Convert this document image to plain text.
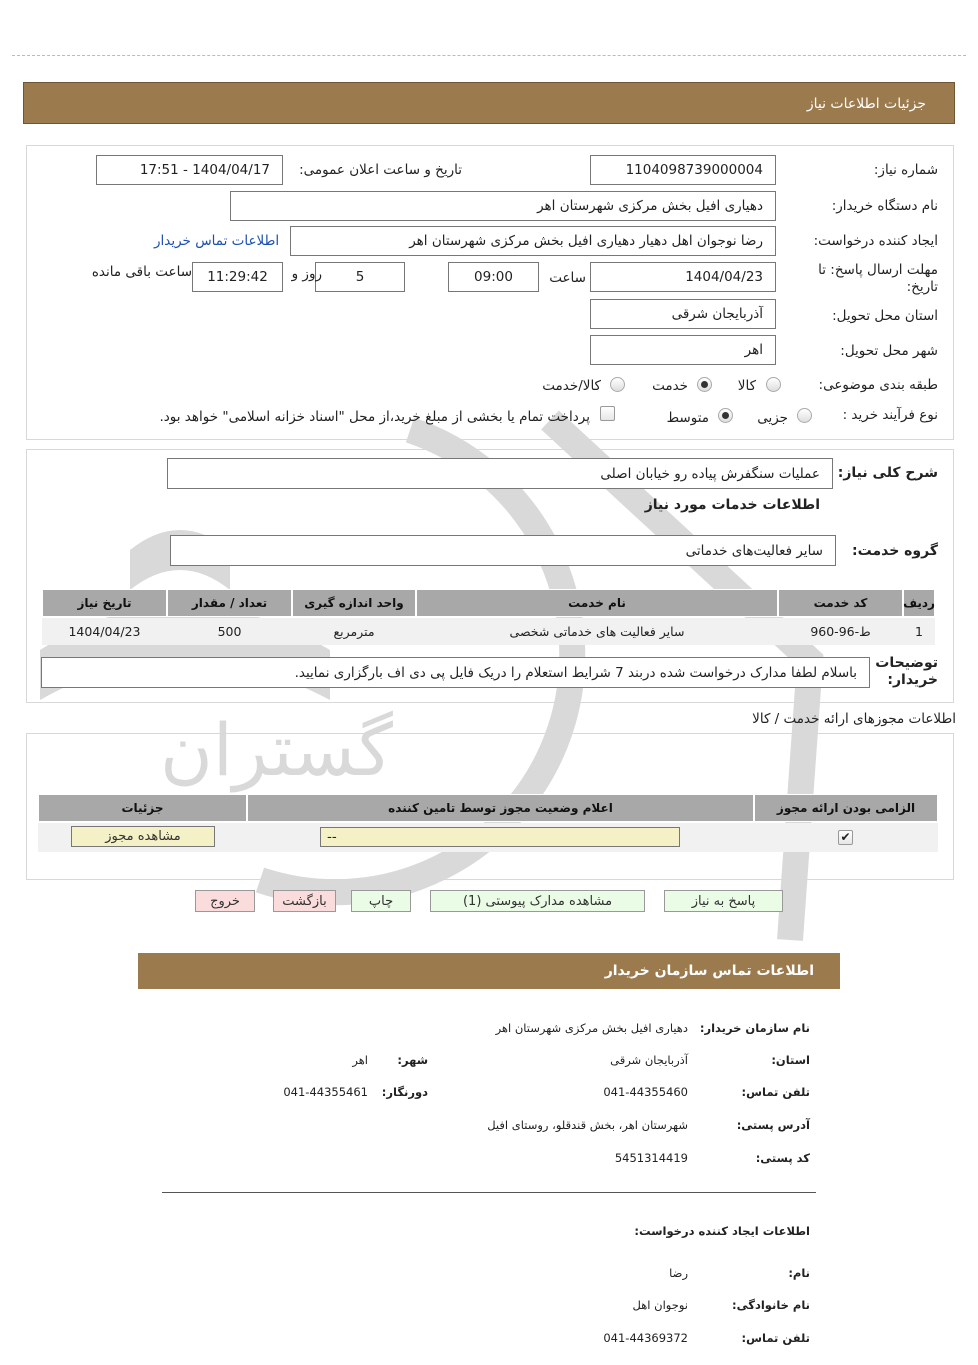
گستران
جزئیات اطلاعات نیاز
شماره نیاز:
1104098739000004
تاریخ و ساعت اعلان عمومی:
1404/04/17 - 17:51
نام دستگاه خریدار:
دهیاری افیل بخش مرکزی شهرستان اهر
ایجاد کننده درخواست:
رضا نوجوان اهل دهیار دهیاری افیل بخش مرکزی شهرستان اهر
اطلاعات تماس خریدار
مهلت ارسال پاسخ: تا تاریخ:
1404/04/23
ساعت
09:00
5
روز و
11:29:42
ساعت باقی مانده
استان محل تحویل:
آذربایجان شرقی
شهر محل تحویل:
اهر
طبقه بندی موضوعی:
کالا
خدمت
کالا/خدمت
نوع فرآیند خرید :
جزیی
متوسط
پرداخت تمام یا بخشی از مبلغ خرید،از محل "اسناد خزانه اسلامی" خواهد بود.
شرح کلی نیاز:
عملیات سنگفرش پیاده رو خیابان اصلی
اطلاعات خدمات مورد نیاز
گروه خدمت:
سایر فعالیت‌های خدماتی
ردیف
کد خدمت
نام خدمت
واحد اندازه گیری
تعداد / مقدار
تاریخ نیاز
1
ط-96-960
سایر فعالیت های خدماتی شخصی
مترمربع
500
1404/04/23
توضیحات خریدار:
باسلام لطفا مدارک درخواست شده دربند 7 شرایط استعلام را دریک فایل پی دی اف بارگزاری نمایید.
اطلاعات مجوزهای ارائه خدمت / کالا
الزامی بودن ارائه مجوز
اعلام وضعیت مجوز توسط تامین کننده
جزئیات
✔
--
مشاهده مجوز
پاسخ به نیاز
مشاهده مدارک پیوستی (1)
چاپ
بازگشت
خروج
اطلاعات تماس سازمان خریدار
نام سازمان خریدار:
دهیاری افیل بخش مرکزی شهرستان اهر
استان:
آذربایجان شرقی
شهر:
اهر
تلفن تماس:
041-44355460
دورنگار:
041-44355461
آدرس پستی:
شهرستان اهر، بخش قندقلو، روستای افیل
کد پستی:
5451314419
اطلاعات ایجاد کننده درخواست:
نام:
رضا
نام خانوادگی:
نوجوان اهل
تلفن تماس:
041-44369372
